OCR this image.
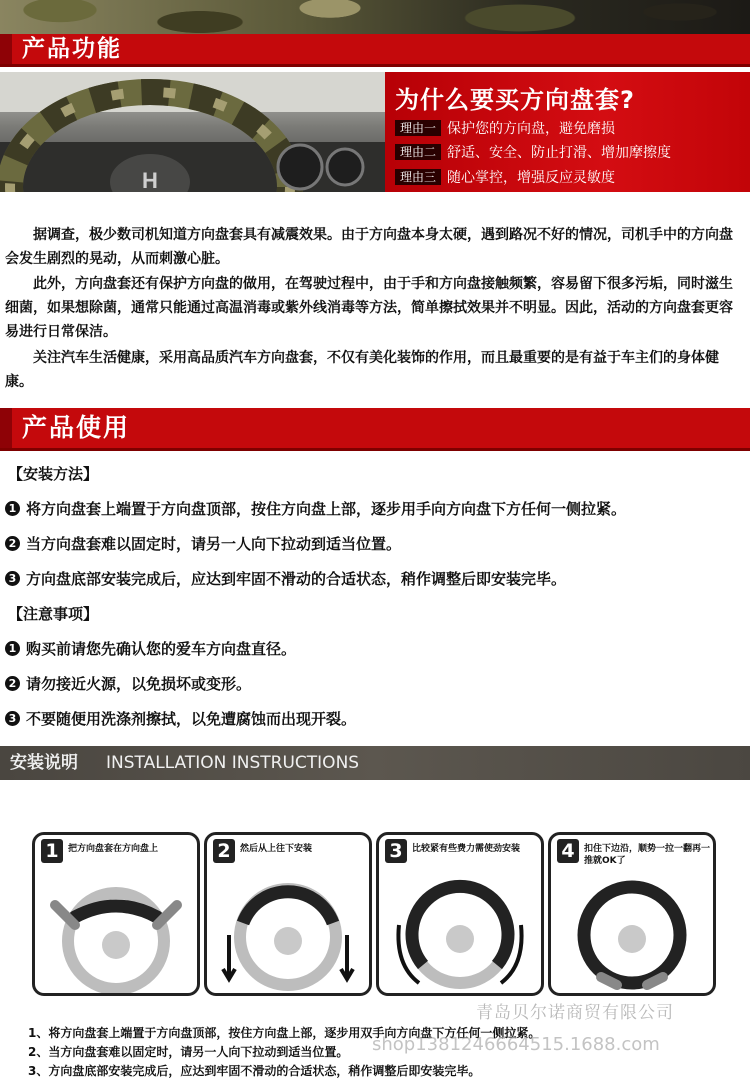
产品功能
H
为什么要买方向盘套?
理由一 保护您的方向盘，避免磨损
理由二 舒适、安全、防止打滑、增加摩擦度
理由三 随心掌控，增强反应灵敏度

据调查，极少数司机知道方向盘套具有减震效果。由于方向盘本身太硬，遇到路况不好的情况，司机手中的方向盘会发生剧烈的晃动，从而刺激心脏。

此外，方向盘套还有保护方向盘的做用，在驾驶过程中，由于手和方向盘接触频繁，容易留下很多污垢，同时滋生细菌，如果想除菌，通常只能通过高温消毒或紫外线消毒等方法，简单擦拭效果并不明显。因此，活动的方向盘套更容易进行日常保洁。

关注汽车生活健康，采用高品质汽车方向盘套，不仅有美化装饰的作用，而且最重要的是有益于车主们的身体健康。

产品使用
【安装方法】
1 将方向盘套上端置于方向盘顶部，按住方向盘上部，逐步用手向方向盘下方任何一侧拉紧。
2 当方向盘套难以固定时，请另一人向下拉动到适当位置。
3 方向盘底部安装完成后，应达到牢固不滑动的合适状态，稍作调整后即安装完毕。
【注意事项】
1 购买前请您先确认您的爱车方向盘直径。
2 请勿接近火源，以免损坏或变形。
3 不要随便用洗涤剂擦拭，以免遭腐蚀而出现开裂。
安装说明 INSTALLATION INSTRUCTIONS
1	把方向盘套在方向盘上	2	然后从上往下安装	3	比较紧有些费力需使劲安装	4	扣住下边沿，顺势一拉一翻再一推就OK了
1、将方向盘套上端置于方向盘顶部，按住方向盘上部，逐步用双手向方向盘下方任何一侧拉紧。
2、当方向盘套难以固定时，请另一人向下拉动到适当位置。
3、方向盘底部安装完成后，应达到牢固不滑动的合适状态，稍作调整后即安装完毕。
青岛贝尔诺商贸有限公司
shop1381246664515.1688.com
